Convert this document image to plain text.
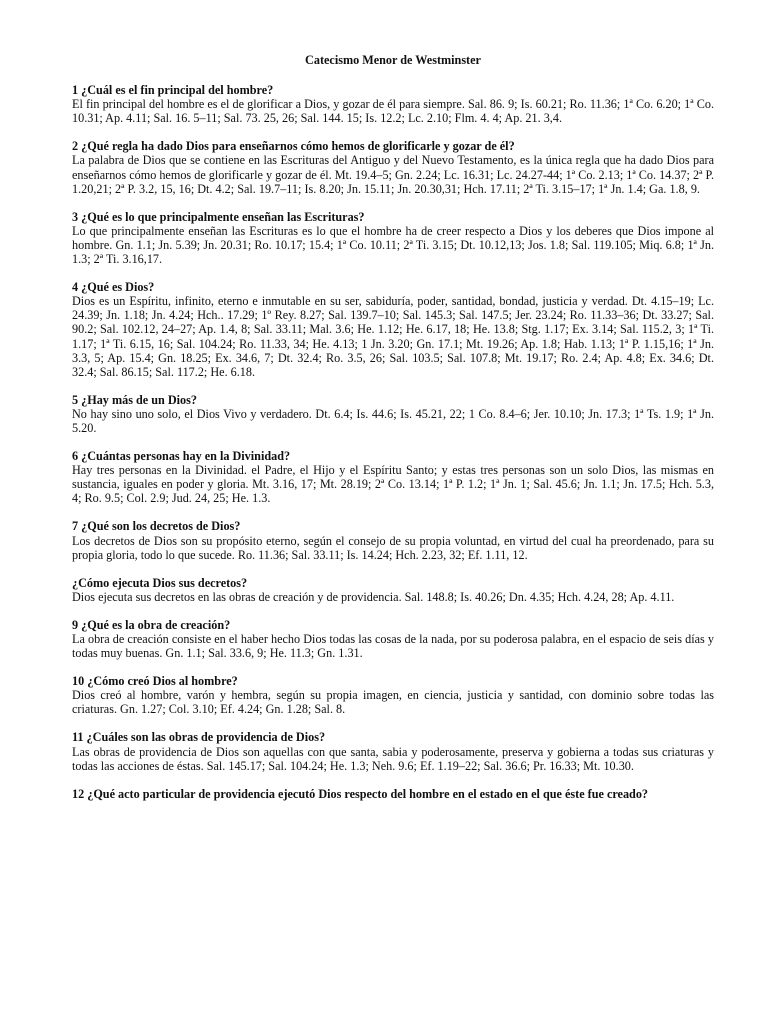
Catecismo Menor de Westminster
1 ¿Cuál es el fin principal del hombre?
El fin principal del hombre es el de glorificar a Dios, y gozar de él para siempre. Sal. 86. 9; Is. 60.21; Ro. 11.36; 1ª Co. 6.20; 1ª Co. 10.31; Ap. 4.11; Sal. 16. 5–11; Sal. 73. 25, 26; Sal. 144. 15; Is. 12.2; Lc. 2.10; Flm. 4. 4; Ap. 21. 3,4.
2 ¿Qué regla ha dado Dios para enseñarnos cómo hemos de glorificarle y gozar de él?
La palabra de Dios que se contiene en las Escrituras del Antiguo y del Nuevo Testamento, es la única regla que ha dado Dios para enseñarnos cómo hemos de glorificarle y gozar de él. Mt. 19.4–5; Gn. 2.24; Lc. 16.31; Lc. 24.27-44; 1ª Co. 2.13; 1ª Co. 14.37; 2ª P. 1.20,21; 2ª P. 3.2, 15, 16; Dt. 4.2; Sal. 19.7–11; Is. 8.20; Jn. 15.11; Jn. 20.30,31; Hch. 17.11; 2ª Ti. 3.15–17; 1ª Jn. 1.4; Ga. 1.8, 9.
3 ¿Qué es lo que principalmente enseñan las Escrituras?
Lo que principalmente enseñan las Escrituras es lo que el hombre ha de creer respecto a Dios y los deberes que Dios impone al hombre. Gn. 1.1; Jn. 5.39; Jn. 20.31; Ro. 10.17; 15.4; 1ª Co. 10.11; 2ª Ti. 3.15; Dt. 10.12,13; Jos. 1.8; Sal. 119.105; Miq. 6.8; 1ª Jn. 1.3; 2ª Ti. 3.16,17.
4 ¿Qué es Dios?
Dios es un Espíritu, infinito, eterno e inmutable en su ser, sabiduría, poder, santidad, bondad, justicia y verdad. Dt. 4.15–19; Lc. 24.39; Jn. 1.18; Jn. 4.24; Hch.. 17.29; 1º Rey. 8.27; Sal. 139.7–10; Sal. 145.3; Sal. 147.5; Jer. 23.24; Ro. 11.33–36; Dt. 33.27; Sal. 90.2; Sal. 102.12, 24–27; Ap. 1.4, 8; Sal. 33.11; Mal. 3.6; He. 1.12; He. 6.17, 18; He. 13.8; Stg. 1.17; Ex. 3.14; Sal. 115.2, 3; 1ª Ti. 1.17; 1ª Ti. 6.15, 16; Sal. 104.24; Ro. 11.33, 34; He. 4.13; 1 Jn. 3.20; Gn. 17.1; Mt. 19.26; Ap. 1.8; Hab. 1.13; 1ª P. 1.15,16; 1ª Jn. 3.3, 5; Ap. 15.4; Gn. 18.25; Ex. 34.6, 7; Dt. 32.4; Ro. 3.5, 26; Sal. 103.5; Sal. 107.8; Mt. 19.17; Ro. 2.4; Ap. 4.8; Ex. 34.6; Dt. 32.4; Sal. 86.15; Sal. 117.2; He. 6.18.
5 ¿Hay más de un Dios?
No hay sino uno solo, el Dios Vivo y verdadero. Dt. 6.4; Is. 44.6; Is. 45.21, 22; 1 Co. 8.4–6; Jer. 10.10; Jn. 17.3; 1ª Ts. 1.9; 1ª Jn. 5.20.
6 ¿Cuántas personas hay en la Divinidad?
Hay tres personas en la Divinidad. el Padre, el Hijo y el Espíritu Santo; y estas tres personas son un solo Dios, las mismas en sustancia, iguales en poder y gloria. Mt. 3.16, 17; Mt. 28.19; 2ª Co. 13.14; 1ª P. 1.2; 1ª Jn. 1; Sal. 45.6; Jn. 1.1; Jn. 17.5; Hch. 5.3, 4; Ro. 9.5; Col. 2.9; Jud. 24, 25; He. 1.3.
7 ¿Qué son los decretos de Dios?
Los decretos de Dios son su propósito eterno, según el consejo de su propia voluntad, en virtud del cual ha preordenado, para su propia gloria, todo lo que sucede. Ro. 11.36; Sal. 33.11; Is. 14.24; Hch. 2.23, 32; Ef. 1.11, 12.
¿Cómo ejecuta Dios sus decretos?
Dios ejecuta sus decretos en las obras de creación y de providencia. Sal. 148.8; Is. 40.26; Dn. 4.35; Hch. 4.24, 28; Ap. 4.11.
9 ¿Qué es la obra de creación?
La obra de creación consiste en el haber hecho Dios todas las cosas de la nada, por su poderosa palabra, en el espacio de seis días y todas muy buenas. Gn. 1.1; Sal. 33.6, 9; He. 11.3; Gn. 1.31.
10 ¿Cómo creó Dios al hombre?
Dios creó al hombre, varón y hembra, según su propia imagen, en ciencia, justicia y santidad, con dominio sobre todas las criaturas. Gn. 1.27; Col. 3.10; Ef. 4.24; Gn. 1.28; Sal. 8.
11 ¿Cuáles son las obras de providencia de Dios?
Las obras de providencia de Dios son aquellas con que santa, sabia y poderosamente, preserva y gobierna a todas sus criaturas y todas las acciones de éstas. Sal. 145.17; Sal. 104.24; He. 1.3; Neh. 9.6; Ef. 1.19–22; Sal. 36.6; Pr. 16.33; Mt. 10.30.
12 ¿Qué acto particular de providencia ejecutó Dios respecto del hombre en el estado en el que éste fue creado?
